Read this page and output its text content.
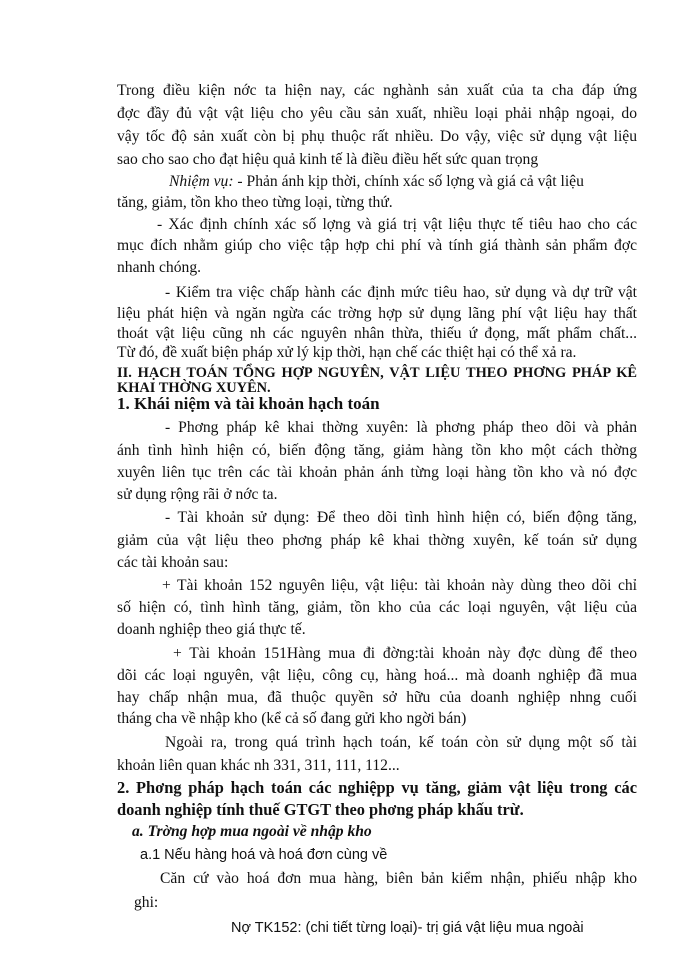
Trong điều kiện nớc ta hiện nay, các nghành sản xuất của ta cha đáp ứng
đợc đầy đủ vật vật liệu cho yêu cầu sản xuất, nhiều loại phải nhập ngoại, do
vậy tốc độ sản xuất còn bị phụ thuộc rất nhiều. Do vậy, việc sử dụng vật liệu
sao cho sao cho đạt hiệu quả kinh tế là điều điều hết sức quan trọng
Nhiệm vụ: - Phản ánh kịp thời, chính xác số lợng và giá cả vật liệu
tăng, giảm, tồn kho theo từng loại, từng thứ.
- Xác định chính xác số lợng và giá trị vật liệu thực tế tiêu hao cho các
mục đích nhằm giúp cho việc tập hợp chi phí và tính giá thành sản phẩm đợc
nhanh chóng.
- Kiểm tra việc chấp hành các định mức tiêu hao, sử dụng và dự trữ vật
liệu phát hiện và ngăn ngừa các trờng hợp sử dụng lãng phí vật liệu hay thất
thoát vật liệu cũng nh các nguyên nhân thừa, thiếu ứ đọng, mất phẩm chất...
Từ đó, đề xuất biện pháp xử lý kịp thời, hạn chế các thiệt hại có thể xả ra.
II. HẠCH TOÁN TỔNG HỢP NGUYÊN, VẬT LIỆU THEO PHƠNG PHÁP KÊ
KHAI THỜNG XUYÊN.
1. Khái niệm và tài khoản hạch toán
- Phơng pháp kê khai thờng xuyên: là phơng pháp theo dõi và phản
ánh tình hình hiện có, biến động tăng, giảm hàng tồn kho một cách thờng
xuyên liên tục trên các tài khoản phản ánh từng loại hàng tồn kho và nó đợc
sử dụng rộng rãi ở nớc ta.
- Tài khoản sử dụng: Để theo dõi tình hình hiện có, biến động tăng,
giảm của vật liệu theo phơng pháp kê khai thờng xuyên, kế toán sử dụng
các tài khoản sau:
+ Tài khoản 152 nguyên liệu, vật liệu: tài khoản này dùng theo dõi chỉ
số hiện có, tình hình tăng, giảm, tồn kho của các loại nguyên, vật liệu của
doanh nghiệp theo giá thực tế.
+ Tài khoản 151Hàng mua đi đờng:tài khoản này đợc dùng để theo
dõi các loại nguyên, vật liệu, công cụ, hàng hoá... mà doanh nghiệp đã mua
hay chấp nhận mua, đã thuộc quyền sở hữu của doanh nghiệp nhng cuối
tháng cha về nhập kho (kể cả số đang gửi kho ngời bán)
Ngoài ra, trong quá trình hạch toán, kế toán còn sử dụng một số tài
khoản liên quan khác nh 331, 311, 111, 112...
2. Phơng pháp hạch toán các nghiệpp vụ tăng, giảm vật liệu trong các
doanh nghiệp tính thuế GTGT theo phơng pháp khấu trừ.
a. Trờng hợp mua ngoài về nhập kho
a.1 Nếu hàng hoá và hoá đơn cùng về
Căn cứ vào hoá đơn mua hàng, biên bản kiểm nhận, phiếu nhập kho
ghi:
Nợ TK152: (chi tiết từng loại)- trị giá vật liệu mua ngoài
